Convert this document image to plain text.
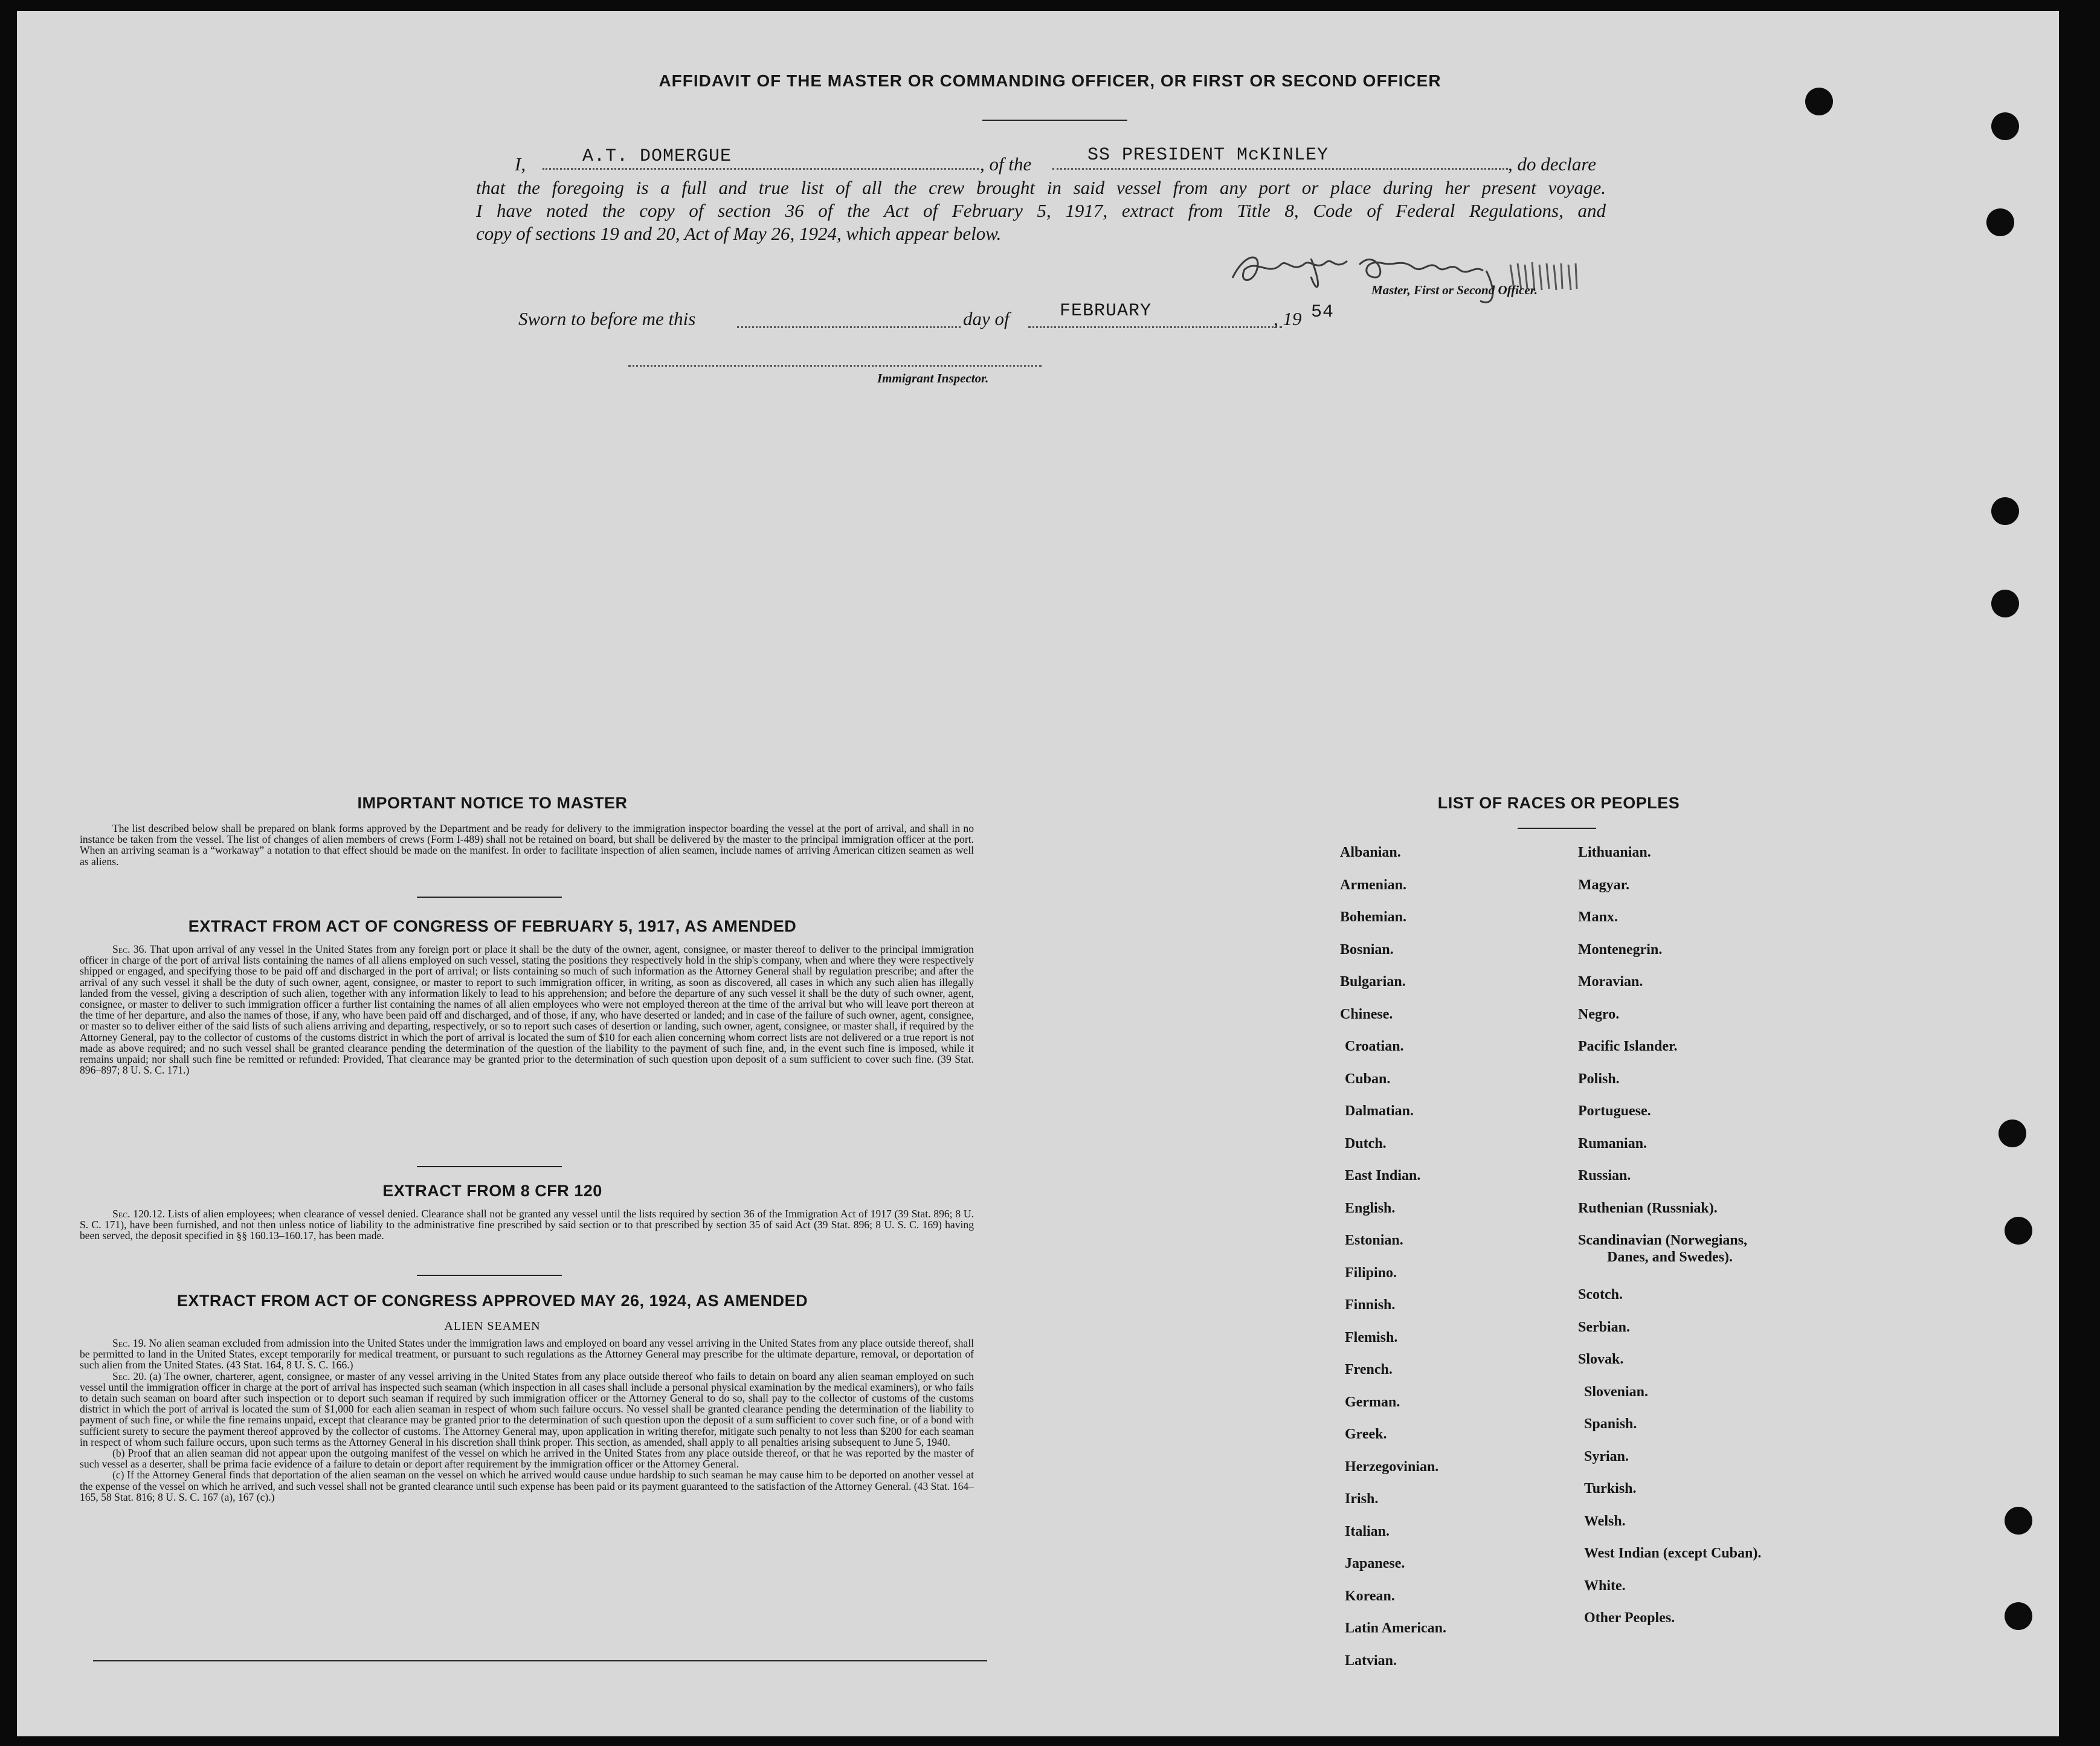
AFFIDAVIT OF THE MASTER OR COMMANDING OFFICER, OR FIRST OR SECOND OFFICER
I,	A.T. DOMERGUE	, of the	SS PRESIDENT McKINLEY	, do declare

that the foregoing is a full and true list of all the crew brought in said vessel from any port or place during her present voyage.

I have noted the copy of section 36 of the Act of February 5, 1917, extract from Title 8, Code of Federal Regulations, and

copy of sections 19 and 20, Act of May 26, 1924, which appear below.

Master, First or Second Officer.
Sworn to before me this	day of	FEBRUARY	, 19 54
Immigrant Inspector.
IMPORTANT NOTICE TO MASTER

The list described below shall be prepared on blank forms approved by the Department and be ready for delivery to the immigration inspector boarding the vessel at the port of arrival, and shall in no instance be taken from the vessel. The list of changes of alien members of crews (Form I-489) shall not be retained on board, but shall be delivered by the master to the principal immigration officer at the port. When an arriving seaman is a “workaway” a notation to that effect should be made on the manifest. In order to facilitate inspection of alien seamen, include names of arriving American citizen seamen as well as aliens.

EXTRACT FROM ACT OF CONGRESS OF FEBRUARY 5, 1917, AS AMENDED

Sec. 36. That upon arrival of any vessel in the United States from any foreign port or place it shall be the duty of the owner, agent, consignee, or master thereof to deliver to the principal immigration officer in charge of the port of arrival lists containing the names of all aliens employed on such vessel, stating the positions they respectively hold in the ship's company, when and where they were respectively shipped or engaged, and specifying those to be paid off and discharged in the port of arrival; or lists containing so much of such information as the Attorney General shall by regulation prescribe; and after the arrival of any such vessel it shall be the duty of such owner, agent, consignee, or master to report to such immigration officer, in writing, as soon as discovered, all cases in which any such alien has illegally landed from the vessel, giving a description of such alien, together with any information likely to lead to his apprehension; and before the departure of any such vessel it shall be the duty of such owner, agent, consignee, or master to deliver to such immigration officer a further list containing the names of all alien employees who were not employed thereon at the time of the arrival but who will leave port thereon at the time of her departure, and also the names of those, if any, who have been paid off and discharged, and of those, if any, who have deserted or landed; and in case of the failure of such owner, agent, consignee, or master so to deliver either of the said lists of such aliens arriving and departing, respectively, or so to report such cases of desertion or landing, such owner, agent, consignee, or master shall, if required by the Attorney General, pay to the collector of customs of the customs district in which the port of arrival is located the sum of $10 for each alien concerning whom correct lists are not delivered or a true report is not made as above required; and no such vessel shall be granted clearance pending the determination of the question of the liability to the payment of such fine, and, in the event such fine is imposed, while it remains unpaid; nor shall such fine be remitted or refunded: Provided, That clearance may be granted prior to the determination of such question upon deposit of a sum sufficient to cover such fine. (39 Stat. 896–897; 8 U. S. C. 171.)

EXTRACT FROM 8 CFR 120

Sec. 120.12. Lists of alien employees; when clearance of vessel denied. Clearance shall not be granted any vessel until the lists required by section 36 of the Immigration Act of 1917 (39 Stat. 896; 8 U. S. C. 171), have been furnished, and not then unless notice of liability to the administrative fine prescribed by said section or to that prescribed by section 35 of said Act (39 Stat. 896; 8 U. S. C. 169) having been served, the deposit specified in §§ 160.13–160.17, has been made.

EXTRACT FROM ACT OF CONGRESS APPROVED MAY 26, 1924, AS AMENDED
ALIEN SEAMEN

Sec. 19. No alien seaman excluded from admission into the United States under the immigration laws and employed on board any vessel arriving in the United States from any place outside thereof, shall be permitted to land in the United States, except temporarily for medical treatment, or pursuant to such regulations as the Attorney General may prescribe for the ultimate departure, removal, or deportation of such alien from the United States. (43 Stat. 164, 8 U. S. C. 166.)

Sec. 20. (a) The owner, charterer, agent, consignee, or master of any vessel arriving in the United States from any place outside thereof who fails to detain on board any alien seaman employed on such vessel until the immigration officer in charge at the port of arrival has inspected such seaman (which inspection in all cases shall include a personal physical examination by the medical examiners), or who fails to detain such seaman on board after such inspection or to deport such seaman if required by such immigration officer or the Attorney General to do so, shall pay to the collector of customs of the customs district in which the port of arrival is located the sum of $1,000 for each alien seaman in respect of whom such failure occurs. No vessel shall be granted clearance pending the determination of the liability to payment of such fine, or while the fine remains unpaid, except that clearance may be granted prior to the determination of such question upon the deposit of a sum sufficient to cover such fine, or of a bond with sufficient surety to secure the payment thereof approved by the collector of customs. The Attorney General may, upon application in writing therefor, mitigate such penalty to not less than $200 for each seaman in respect of whom such failure occurs, upon such terms as the Attorney General in his discretion shall think proper. This section, as amended, shall apply to all penalties arising subsequent to June 5, 1940.

(b) Proof that an alien seaman did not appear upon the outgoing manifest of the vessel on which he arrived in the United States from any place outside thereof, or that he was reported by the master of such vessel as a deserter, shall be prima facie evidence of a failure to detain or deport after requirement by the immigration officer or the Attorney General.

(c) If the Attorney General finds that deportation of the alien seaman on the vessel on which he arrived would cause undue hardship to such seaman he may cause him to be deported on another vessel at the expense of the vessel on which he arrived, and such vessel shall not be granted clearance until such expense has been paid or its payment guaranteed to the satisfaction of the Attorney General. (43 Stat. 164–165, 58 Stat. 816; 8 U. S. C. 167 (a), 167 (c).)

LIST OF RACES OR PEOPLES
Albanian.
Armenian.
Bohemian.
Bosnian.
Bulgarian.
Chinese.
Croatian.
Cuban.
Dalmatian.
Dutch.
East Indian.
English.
Estonian.
Filipino.
Finnish.
Flemish.
French.
German.
Greek.
Herzegovinian.
Irish.
Italian.
Japanese.
Korean.
Latin American.
Latvian.
Lithuanian.
Magyar.
Manx.
Montenegrin.
Moravian.
Negro.
Pacific Islander.
Polish.
Portuguese.
Rumanian.
Russian.
Ruthenian (Russniak).
Scandinavian (Norwegians,
Danes, and Swedes).
Scotch.
Serbian.
Slovak.
Slovenian.
Spanish.
Syrian.
Turkish.
Welsh.
West Indian (except Cuban).
White.
Other Peoples.
